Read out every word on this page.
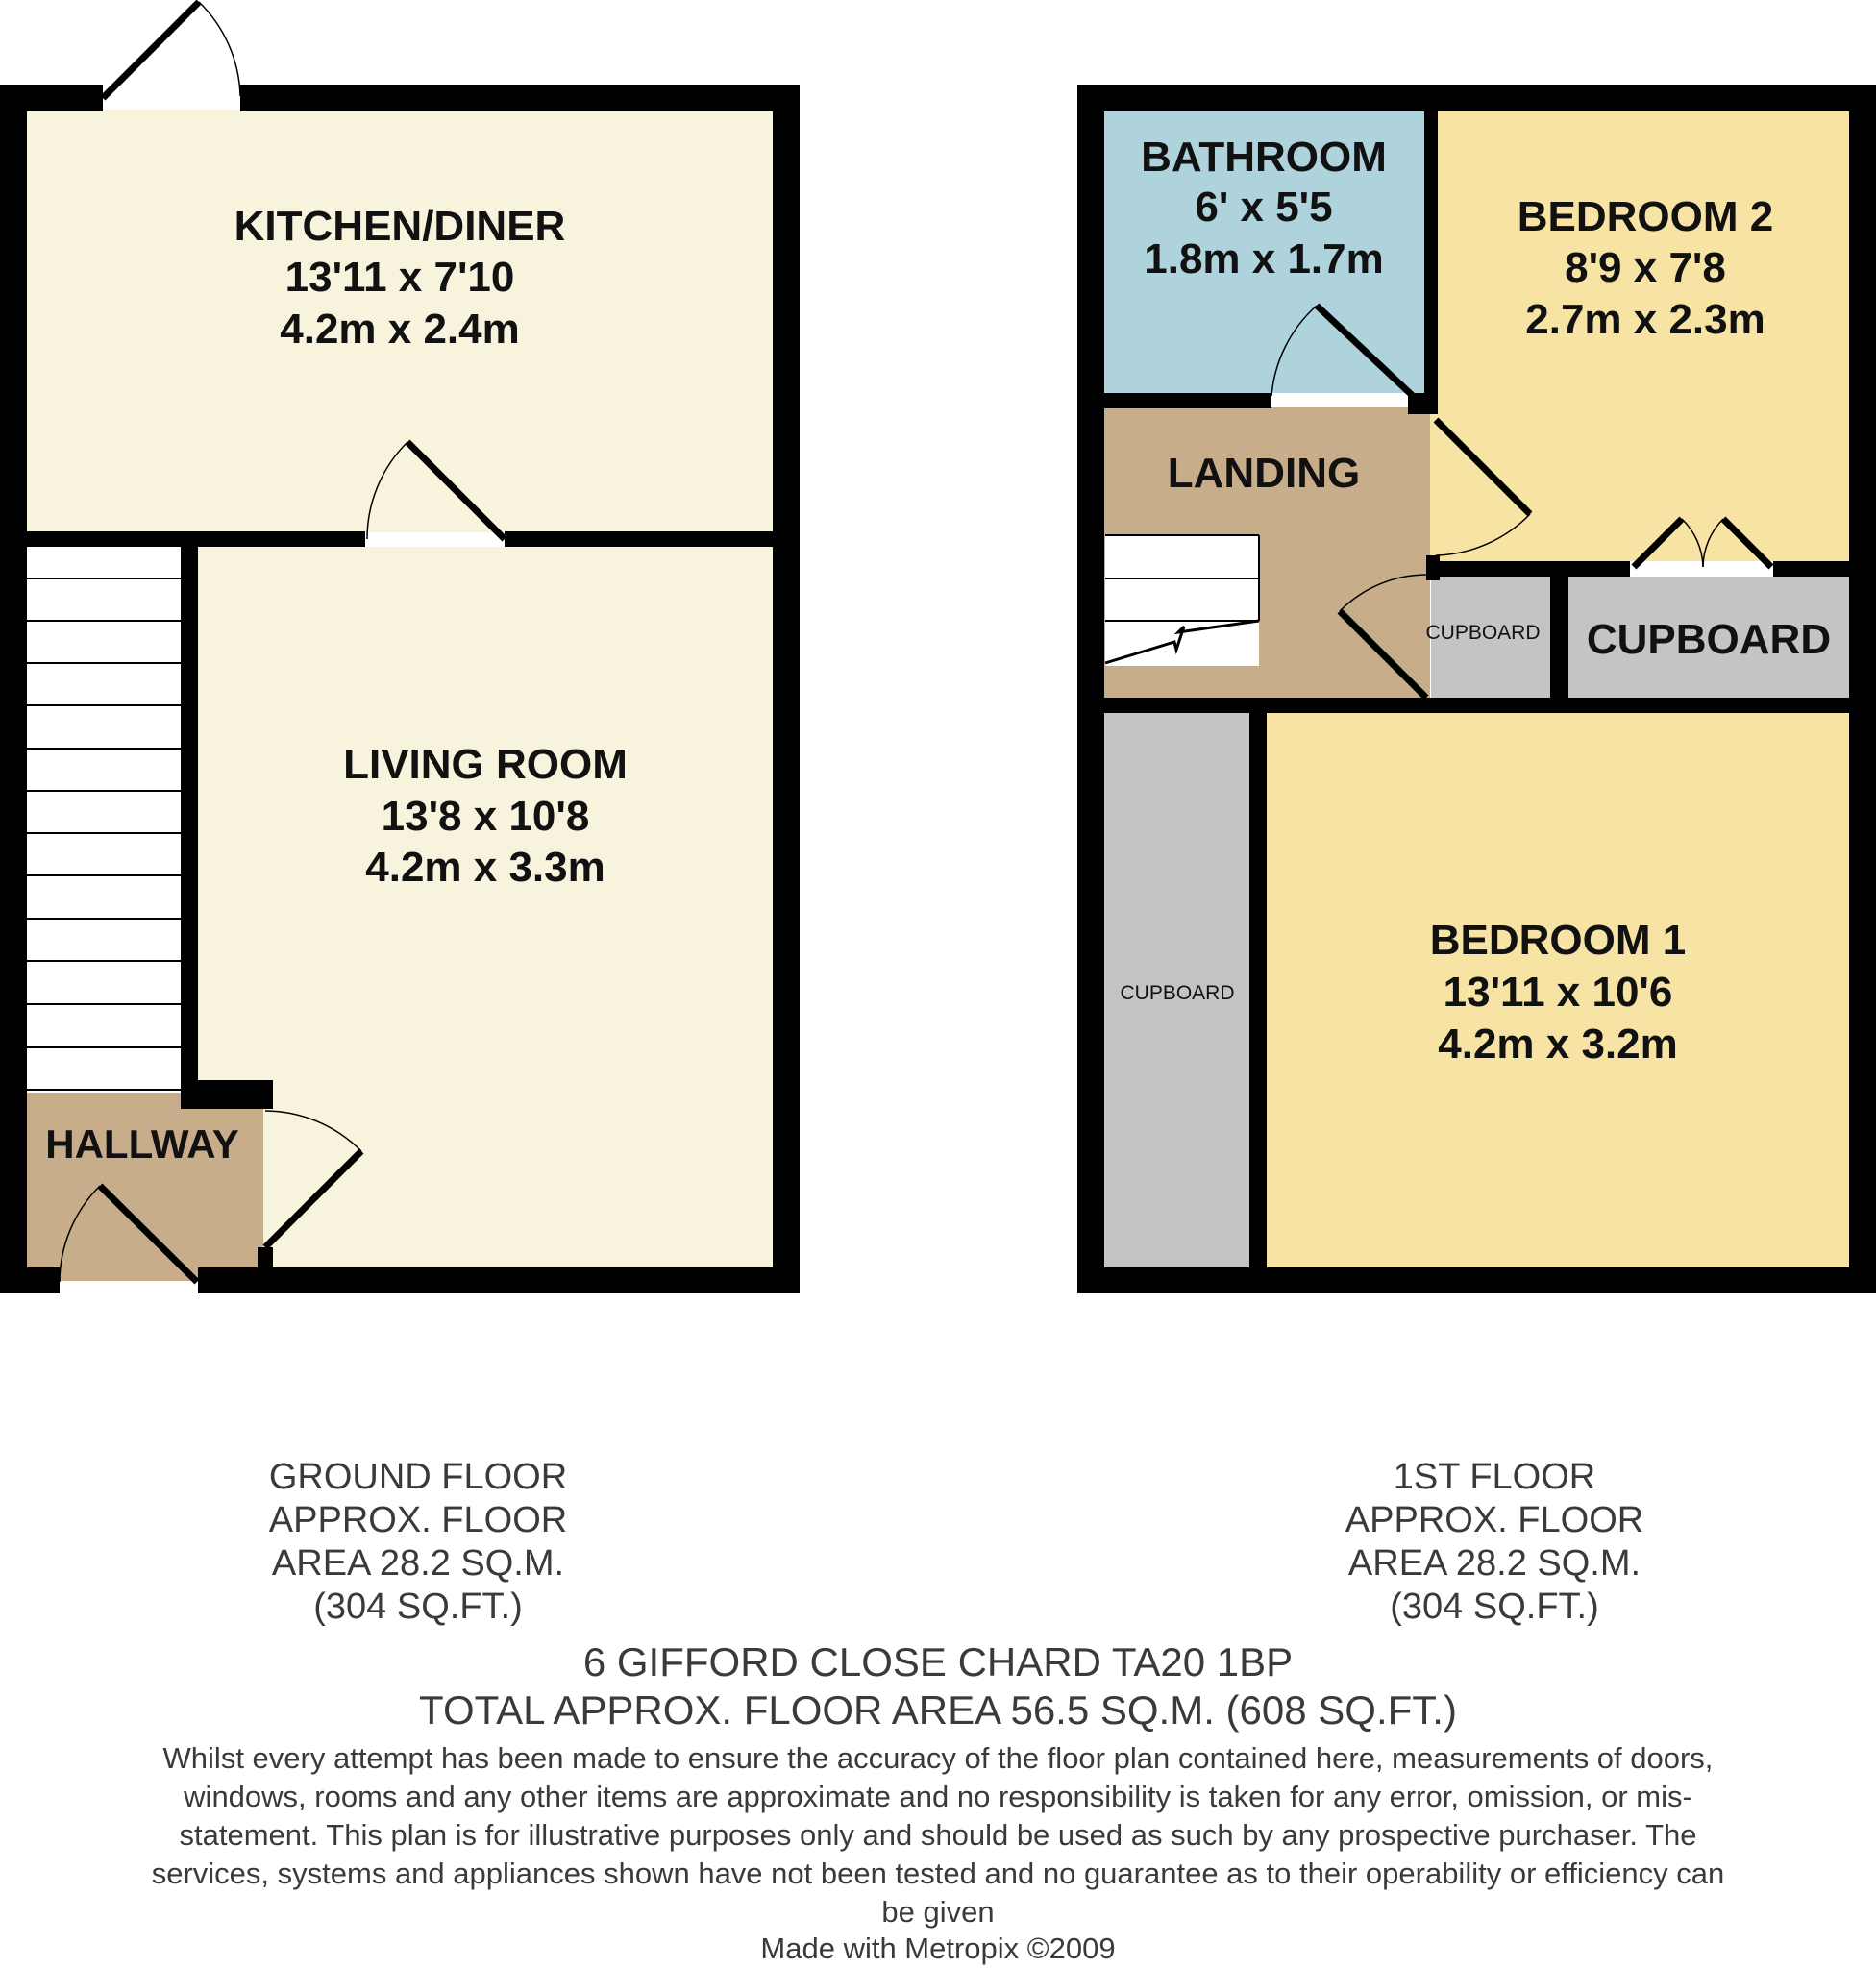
KITCHEN/DINER
13'11 x 7'10
4.2m x 2.4m
LIVING ROOM
13'8 x 10'8
4.2m x 3.3m
HALLWAY
BATHROOM
6' x 5'5
1.8m x 1.7m
BEDROOM 2
8'9 x 7'8
2.7m x 2.3m
LANDING
CUPBOARD CUPBOARD
CUPBOARD
BEDROOM 1
13'11 x 10'6
4.2m x 3.2m
GROUND FLOOR
APPROX. FLOOR
AREA 28.2 SQ.M.
(304 SQ.FT.)
1ST FLOOR
APPROX. FLOOR
AREA 28.2 SQ.M.
(304 SQ.FT.)
6 GIFFORD CLOSE CHARD TA20 1BP
TOTAL APPROX. FLOOR AREA 56.5 SQ.M. (608 SQ.FT.)
Whilst every attempt has been made to ensure the accuracy of the floor plan contained here, measurements of doors, windows, rooms and any other items are approximate and no responsibility is taken for any error, omission, or mis-statement. This plan is for illustrative purposes only and should be used as such by any prospective purchaser. The services, systems and appliances shown have not been tested and no guarantee as to their operability or efficiency can be given
Made with Metropix ©2009
